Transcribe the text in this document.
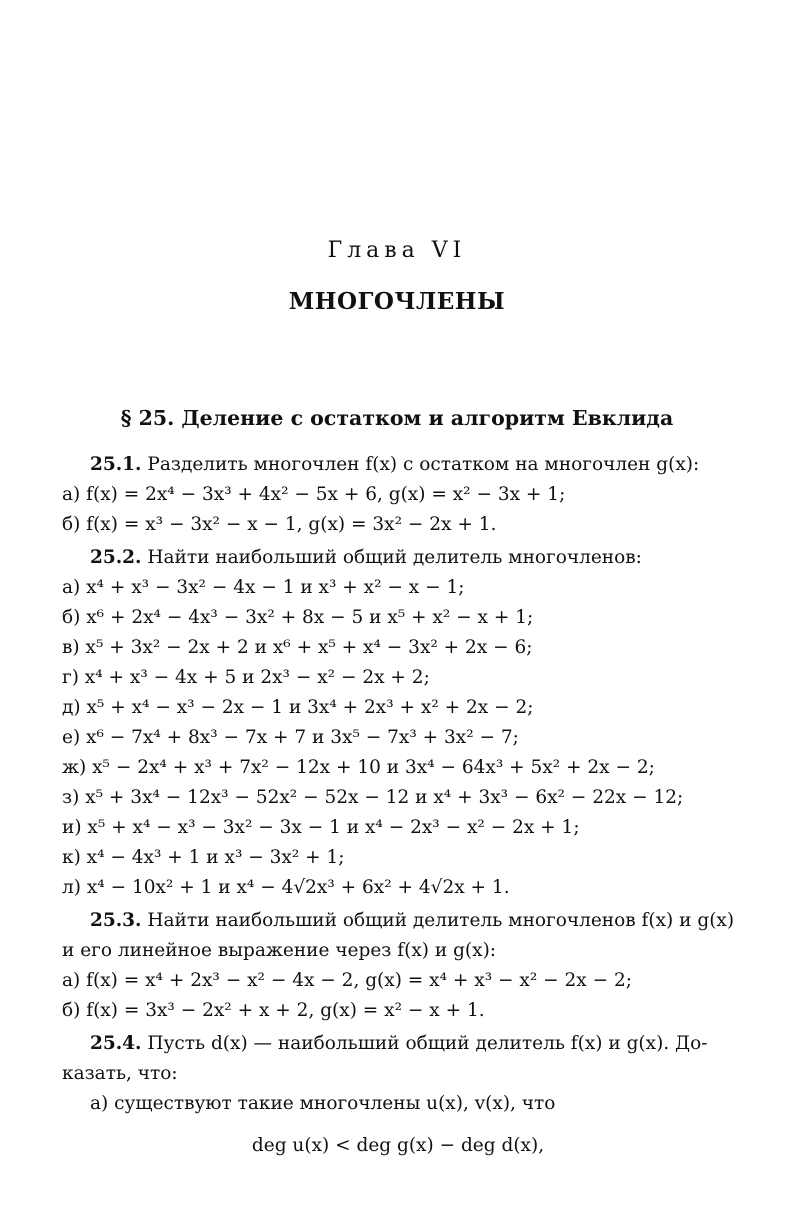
Глава VI
МНОГОЧЛЕНЫ
§ 25. Деление с остатком и алгоритм Евклида
25.1. Разделить многочлен f(x) с остатком на многочлен g(x):
а) f(x) = 2x⁴ − 3x³ + 4x² − 5x + 6, g(x) = x² − 3x + 1;
б) f(x) = x³ − 3x² − x − 1, g(x) = 3x² − 2x + 1.
25.2. Найти наибольший общий делитель многочленов:
а) x⁴ + x³ − 3x² − 4x − 1 и x³ + x² − x − 1;
б) x⁶ + 2x⁴ − 4x³ − 3x² + 8x − 5 и x⁵ + x² − x + 1;
в) x⁵ + 3x² − 2x + 2 и x⁶ + x⁵ + x⁴ − 3x² + 2x − 6;
г) x⁴ + x³ − 4x + 5 и 2x³ − x² − 2x + 2;
д) x⁵ + x⁴ − x³ − 2x − 1 и 3x⁴ + 2x³ + x² + 2x − 2;
е) x⁶ − 7x⁴ + 8x³ − 7x + 7 и 3x⁵ − 7x³ + 3x² − 7;
ж) x⁵ − 2x⁴ + x³ + 7x² − 12x + 10 и 3x⁴ − 64x³ + 5x² + 2x − 2;
з) x⁵ + 3x⁴ − 12x³ − 52x² − 52x − 12 и x⁴ + 3x³ − 6x² − 22x − 12;
и) x⁵ + x⁴ − x³ − 3x² − 3x − 1 и x⁴ − 2x³ − x² − 2x + 1;
к) x⁴ − 4x³ + 1 и x³ − 3x² + 1;
л) x⁴ − 10x² + 1 и x⁴ − 4√2x³ + 6x² + 4√2x + 1.
25.3. Найти наибольший общий делитель многочленов f(x) и g(x)
и его линейное выражение через f(x) и g(x):
а) f(x) = x⁴ + 2x³ − x² − 4x − 2, g(x) = x⁴ + x³ − x² − 2x − 2;
б) f(x) = 3x³ − 2x² + x + 2, g(x) = x² − x + 1.
25.4. Пусть d(x) — наибольший общий делитель f(x) и g(x). До-
казать, что:
а) существуют такие многочлены u(x), v(x), что
deg u(x) < deg g(x) − deg d(x),
